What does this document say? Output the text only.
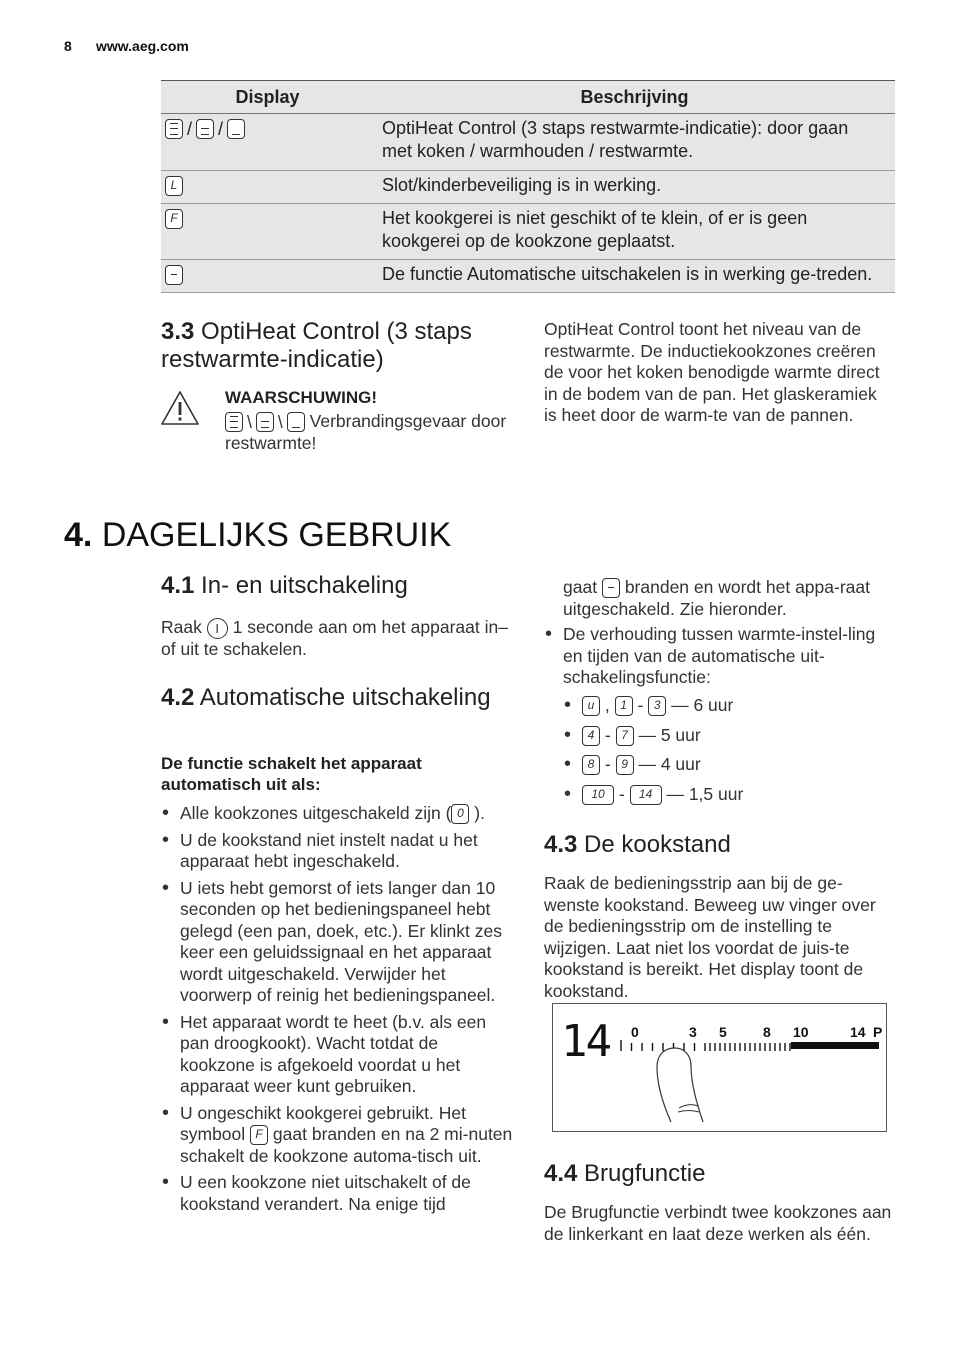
8 www.aeg.com
Display	Beschrijving
/ /	OptiHeat Control (3 staps restwarmte-indicatie): door gaan met koken / warmhouden / restwarmte.
L	Slot/kinderbeveiliging is in werking.
F	Het kookgerei is niet geschikt of te klein, of er is geen kookgerei op de kookzone geplaatst.
	De functie Automatische uitschakelen is in werking ge-treden.
3.3 OptiHeat Control (3 staps restwarmte-indicatie)
WAARSCHUWING!

\ \ Verbrandingsgevaar door restwarmte!

OptiHeat Control toont het niveau van de restwarmte. De inductiekookzones creëren de voor het koken benodigde warmte direct in de bodem van de pan. Het glaskeramiek is heet door de warm-te van de pannen.

4. DAGELIJKS GEBRUIK
4.1 In- en uitschakeling

Raak I 1 seconde aan om het apparaat in– of uit te schakelen.

4.2 Automatische uitschakeling
De functie schakelt het apparaat automatisch uit als:
• Alle kookzones uitgeschakeld zijn ( 0 ).
• U de kookstand niet instelt nadat u het apparaat hebt ingeschakeld.
• U iets hebt gemorst of iets langer dan 10 seconden op het bedieningspaneel hebt gelegd (een pan, doek, etc.). Er klinkt zes keer een geluidssignaal en het apparaat wordt uitgeschakeld. Verwijder het voorwerp of reinig het bedieningspaneel.
• Het apparaat wordt te heet (b.v. als een pan droogkookt). Wacht totdat de kookzone is afgekoeld voordat u het apparaat weer kunt gebruiken.
• U ongeschikt kookgerei gebruikt. Het symbool F gaat branden en na 2 mi-nuten schakelt de kookzone automa-tisch uit.
• U een kookzone niet uitschakelt of de kookstand verandert. Na enige tijd

gaat branden en wordt het appa-raat uitgeschakeld. Zie hieronder.

• De verhouding tussen warmte-instel-ling en tijden van de automatische uit-schakelingsfunctie:
• u , 1 - 3 — 6 uur
• 4 - 7 — 5 uur
• 8 - 9 — 4 uur
• 10 - 14 — 1,5 uur
4.3 De kookstand

Raak de bedieningsstrip aan bij de ge-wenste kookstand. Beweeg uw vinger over de bedieningsstrip om de instelling te wijzigen. Laat niet los voordat de juis-te kookstand is bereikt. Het display toont de kookstand.

14 0	3 5	8 10	14 P
4.4 Brugfunctie

De Brugfunctie verbindt twee kookzones aan de linkerkant en laat deze werken als één.
